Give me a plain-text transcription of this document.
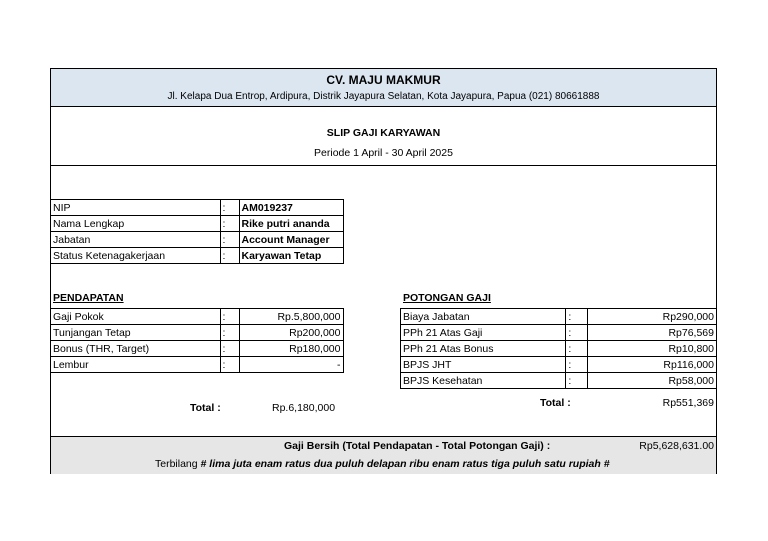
CV. MAJU MAKMUR
Jl. Kelapa Dua Entrop, Ardipura, Distrik Jayapura Selatan, Kota Jayapura, Papua (021) 80661888
SLIP GAJI KARYAWAN
Periode 1 April - 30 April 2025
NIP	:	AM019237
Nama Lengkap	:	Rike putri ananda
Jabatan	:	Account Manager
Status Ketenagakerjaan	:	Karyawan Tetap
PENDAPATAN
Gaji Pokok	:	Rp.5,800,000
Tunjangan Tetap	:	Rp200,000
Bonus (THR, Target)	:	Rp180,000
Lembur	:	-
Total :	Rp.6,180,000
POTONGAN GAJI
Biaya Jabatan	:	Rp290,000
PPh 21 Atas Gaji	:	Rp76,569
PPh 21 Atas Bonus	:	Rp10,800
BPJS JHT	:	Rp116,000
BPJS Kesehatan	:	Rp58,000
Total :	Rp551,369
Gaji Bersih (Total Pendapatan - Total Potongan Gaji) :	Rp5,628,631.00
Terbilang # lima juta enam ratus dua puluh delapan ribu enam ratus tiga puluh satu rupiah #
